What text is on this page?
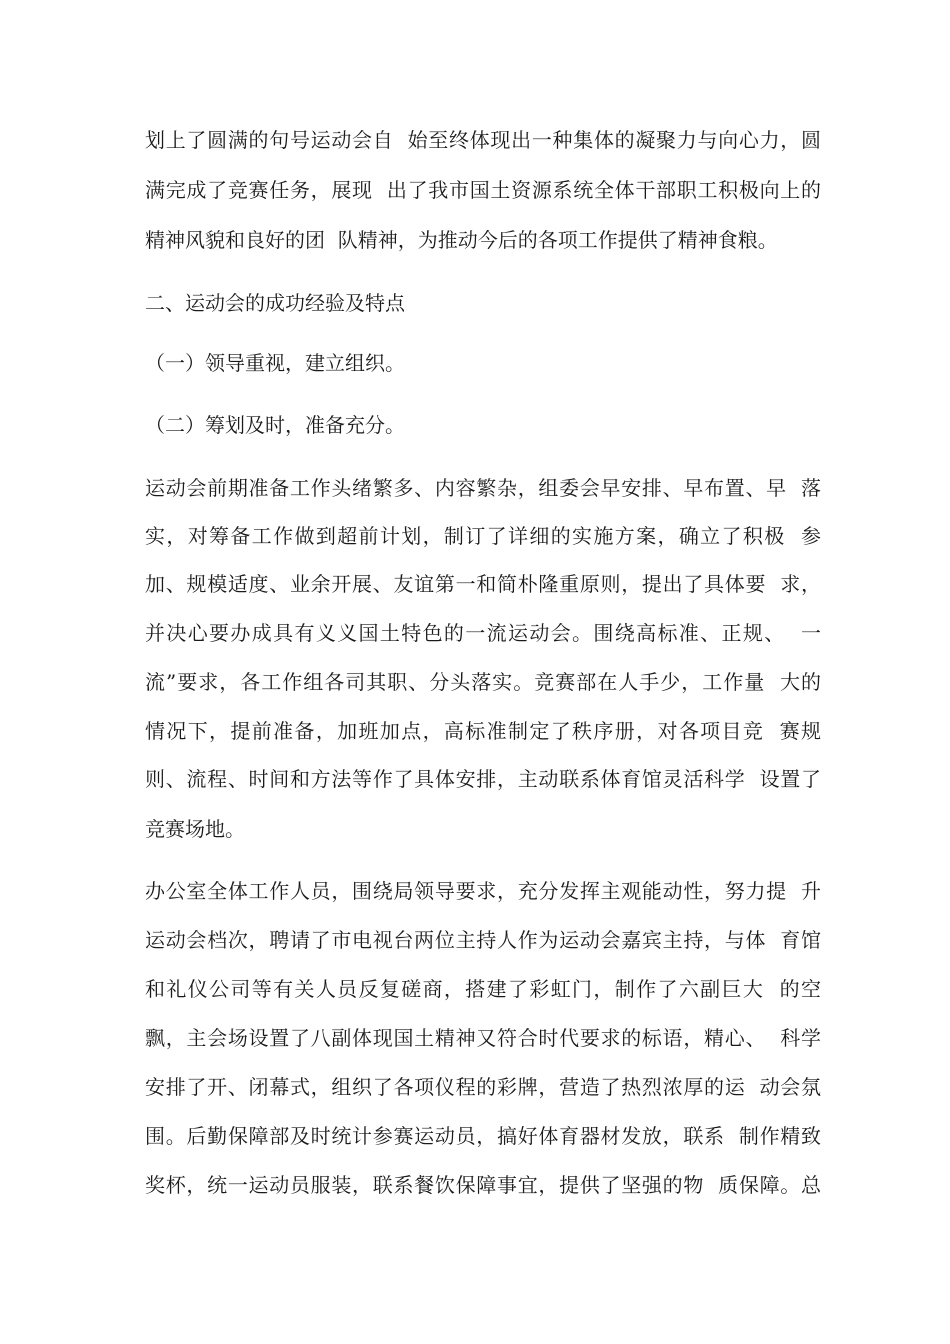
划上了圆满的句号运动会自  始至终体现出一种集体的凝聚力与向心力，圆
满完成了竞赛任务，展现  出了我市国土资源系统全体干部职工积极向上的
精神风貌和良好的团  队精神，为推动今后的各项工作提供了精神食粮。
二、运动会的成功经验及特点
（一）领导重视，建立组织。
（二）筹划及时，准备充分。
运动会前期准备工作头绪繁多、内容繁杂，组委会早安排、早布置、早  落
实，对筹备工作做到超前计划，制订了详细的实施方案，确立了积极  参
加、规模适度、业余开展、友谊第一和简朴隆重原则，提出了具体要  求，
并决心要办成具有义义国土特色的一流运动会。围绕高标准、正规、  一
流”要求，各工作组各司其职、分头落实。竞赛部在人手少，工作量  大的
情况下，提前准备，加班加点，高标准制定了秩序册，对各项目竞  赛规
则、流程、时间和方法等作了具体安排，主动联系体育馆灵活科学  设置了
竞赛场地。
办公室全体工作人员，围绕局领导要求，充分发挥主观能动性，努力提  升
运动会档次，聘请了市电视台两位主持人作为运动会嘉宾主持，与体  育馆
和礼仪公司等有关人员反复磋商，搭建了彩虹门，制作了六副巨大  的空
飘，主会场设置了八副体现国土精神又符合时代要求的标语，精心、  科学
安排了开、闭幕式，组织了各项仪程的彩牌，营造了热烈浓厚的运  动会氛
围。后勤保障部及时统计参赛运动员，搞好体育器材发放，联系  制作精致
奖杯，统一运动员服装，联系餐饮保障事宜，提供了坚强的物  质保障。总
